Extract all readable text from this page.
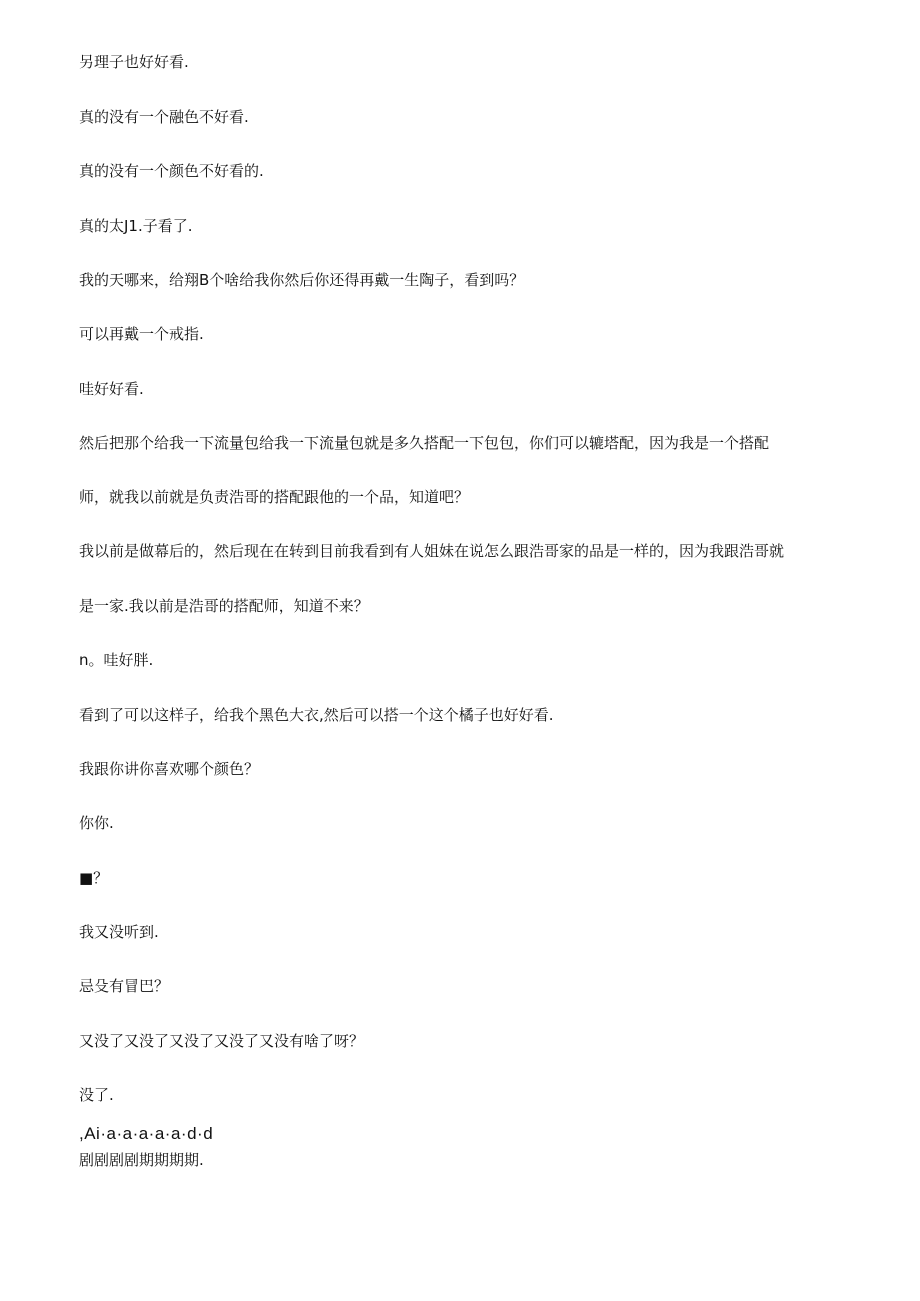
另理子也好好看.
真的没有一个融色不好看.
真的没有一个颜色不好看的.
真的太J1.子看了.
我的天哪来，给翔B个啥给我你然后你还得再戴一生陶子，看到吗？
可以再戴一个戒指.
哇好好看.
然后把那个给我一下流量包给我一下流量包就是多久搭配一下包包，你们可以辘塔配，因为我是一个搭配
师，就我以前就是负责浩哥的搭配跟他的一个品，知道吧？
我以前是做幕后的，然后现在在转到目前我看到有人姐妹在说怎么跟浩哥家的品是一样的，因为我跟浩哥就
是一家.我以前是浩哥的搭配师，知道不来？
n。哇好胖.
看到了可以这样子，给我个黑色大衣,然后可以搭一个这个橘子也好好看.
我跟你讲你喜欢哪个颜色？
你你.
■？
我又没听到.
忌殳有冒巴？
又没了又没了又没了又没了又没有啥了呀？
没了.
,Ai·a·a·a·a·a·d·d
剧剧剧剧期期期期.
